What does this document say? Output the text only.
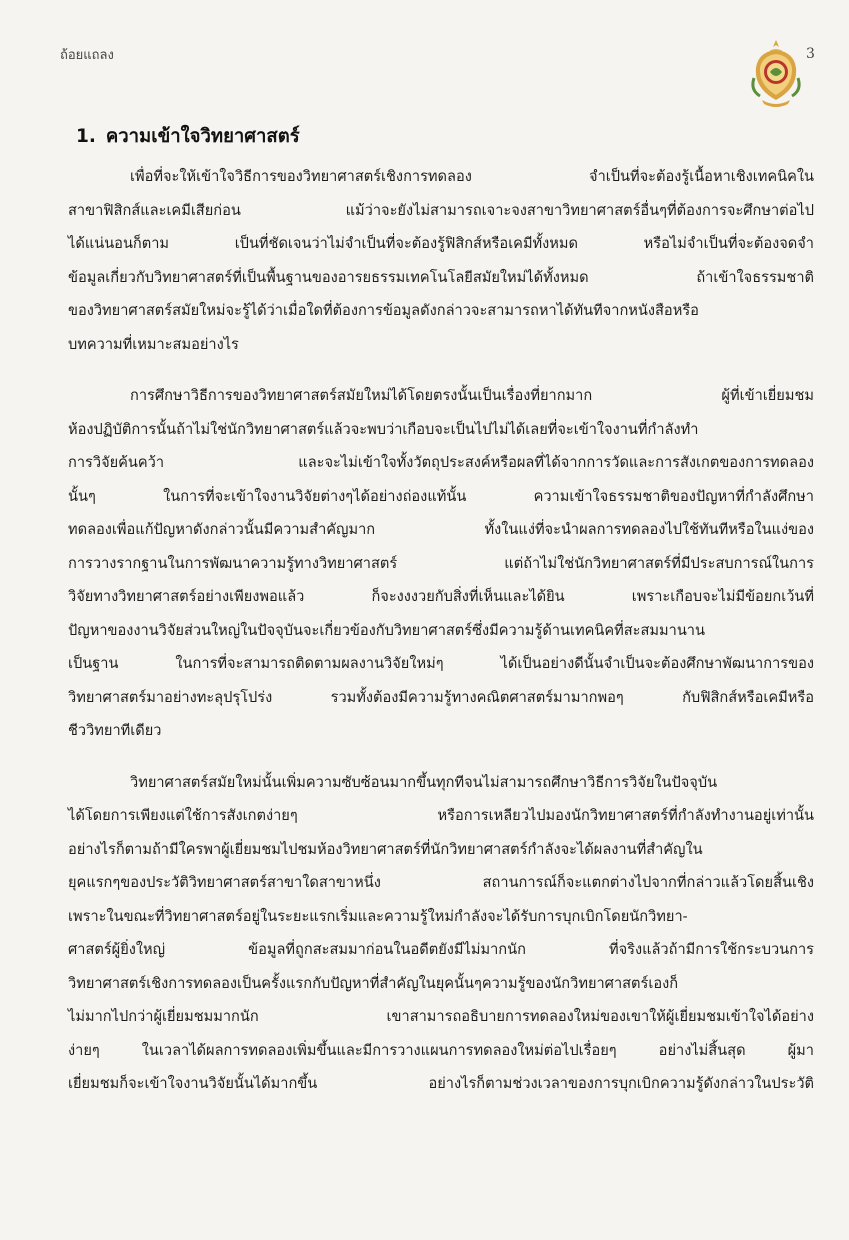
ถ้อยแถลง	3
1. ความเข้าใจวิทยาศาสตร์
เพื่อที่จะให้เข้าใจวิธีการของวิทยาศาสตร์เชิงการทดลอง จำเป็นที่จะต้องรู้เนื้อหาเชิงเทคนิคใน
สาขาฟิสิกส์และเคมีเสียก่อน แม้ว่าจะยังไม่สามารถเจาะจงสาขาวิทยาศาสตร์อื่นๆที่ต้องการจะศึกษาต่อไป
ได้แน่นอนก็ตาม เป็นที่ชัดเจนว่าไม่จำเป็นที่จะต้องรู้ฟิสิกส์หรือเคมีทั้งหมด หรือไม่จำเป็นที่จะต้องจดจำ
ข้อมูลเกี่ยวกับวิทยาศาสตร์ที่เป็นพื้นฐานของอารยธรรมเทคโนโลยีสมัยใหม่ได้ทั้งหมด ถ้าเข้าใจธรรมชาติ
ของวิทยาศาสตร์สมัยใหม่จะรู้ได้ว่าเมื่อใดที่ต้องการข้อมูลดังกล่าวจะสามารถหาได้ทันทีจากหนังสือหรือ
บทความที่เหมาะสมอย่างไร
การศึกษาวิธีการของวิทยาศาสตร์สมัยใหม่ได้โดยตรงนั้นเป็นเรื่องที่ยากมาก ผู้ที่เข้าเยี่ยมชม
ห้องปฏิบัติการนั้นถ้าไม่ใช่นักวิทยาศาสตร์แล้วจะพบว่าเกือบจะเป็นไปไม่ได้เลยที่จะเข้าใจงานที่กำลังทำ
การวิจัยค้นคว้า และจะไม่เข้าใจทั้งวัตถุประสงค์หรือผลที่ได้จากการวัดและการสังเกตของการทดลอง
นั้นๆ ในการที่จะเข้าใจงานวิจัยต่างๆได้อย่างถ่องแท้นั้น ความเข้าใจธรรมชาติของปัญหาที่กำลังศึกษา
ทดลองเพื่อแก้ปัญหาดังกล่าวนั้นมีความสำคัญมาก ทั้งในแง่ที่จะนำผลการทดลองไปใช้ทันทีหรือในแง่ของ
การวางรากฐานในการพัฒนาความรู้ทางวิทยาศาสตร์ แต่ถ้าไม่ใช่นักวิทยาศาสตร์ที่มีประสบการณ์ในการ
วิจัยทางวิทยาศาสตร์อย่างเพียงพอแล้ว ก็จะงงงวยกับสิ่งที่เห็นและได้ยิน เพราะเกือบจะไม่มีข้อยกเว้นที่
ปัญหาของงานวิจัยส่วนใหญ่ในปัจจุบันจะเกี่ยวข้องกับวิทยาศาสตร์ซึ่งมีความรู้ด้านเทคนิคที่สะสมมานาน
เป็นฐาน ในการที่จะสามารถติดตามผลงานวิจัยใหม่ๆ ได้เป็นอย่างดีนั้นจำเป็นจะต้องศึกษาพัฒนาการของ
วิทยาศาสตร์มาอย่างทะลุปรุโปร่ง รวมทั้งต้องมีความรู้ทางคณิตศาสตร์มามากพอๆ กับฟิสิกส์หรือเคมีหรือ
ชีววิทยาทีเดียว
วิทยาศาสตร์สมัยใหม่นั้นเพิ่มความซับซ้อนมากขึ้นทุกทีจนไม่สามารถศึกษาวิธีการวิจัยในปัจจุบัน
ได้โดยการเพียงแต่ใช้การสังเกตง่ายๆ หรือการเหลียวไปมองนักวิทยาศาสตร์ที่กำลังทำงานอยู่เท่านั้น
อย่างไรก็ตามถ้ามีใครพาผู้เยี่ยมชมไปชมห้องวิทยาศาสตร์ที่นักวิทยาศาสตร์กำลังจะได้ผลงานที่สำคัญใน
ยุคแรกๆของประวัติวิทยาศาสตร์สาขาใดสาขาหนึ่ง สถานการณ์ก็จะแตกต่างไปจากที่กล่าวแล้วโดยสิ้นเชิง
เพราะในขณะที่วิทยาศาสตร์อยู่ในระยะแรกเริ่มและความรู้ใหม่กำลังจะได้รับการบุกเบิกโดยนักวิทยา-
ศาสตร์ผู้ยิ่งใหญ่ ข้อมูลที่ถูกสะสมมาก่อนในอดีตยังมีไม่มากนัก ที่จริงแล้วถ้ามีการใช้กระบวนการ
วิทยาศาสตร์เชิงการทดลองเป็นครั้งแรกกับปัญหาที่สำคัญในยุคนั้นๆความรู้ของนักวิทยาศาสตร์เองก็
ไม่มากไปกว่าผู้เยี่ยมชมมากนัก เขาสามารถอธิบายการทดลองใหม่ของเขาให้ผู้เยี่ยมชมเข้าใจได้อย่าง
ง่ายๆ ในเวลาได้ผลการทดลองเพิ่มขึ้นและมีการวางแผนการทดลองใหม่ต่อไปเรื่อยๆ อย่างไม่สิ้นสุด ผู้มา
เยี่ยมชมก็จะเข้าใจงานวิจัยนั้นได้มากขึ้น อย่างไรก็ตามช่วงเวลาของการบุกเบิกความรู้ดังกล่าวในประวัติ
